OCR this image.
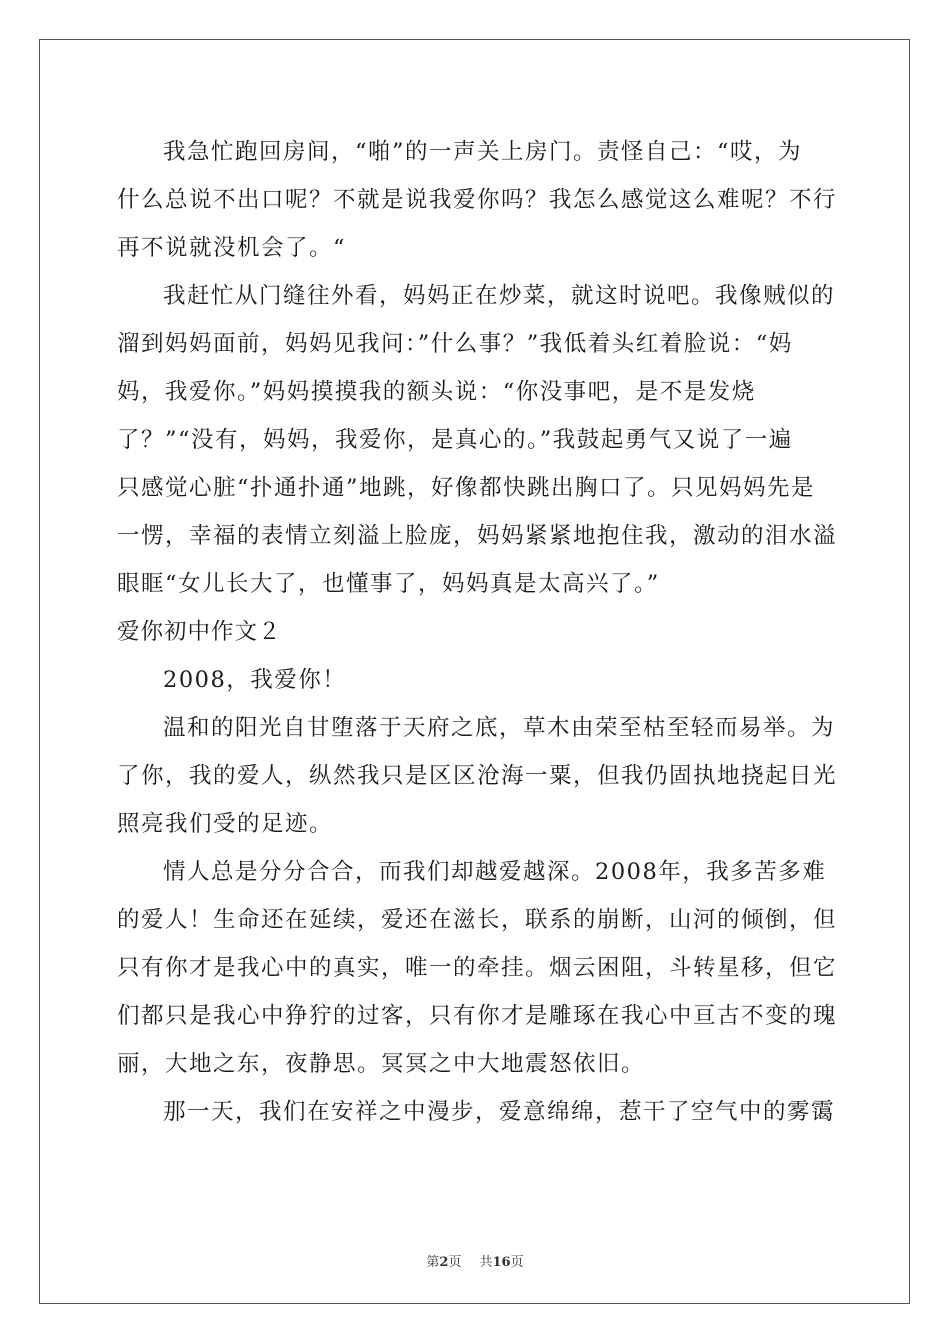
我急忙跑回房间，“啪”的一声关上房门。责怪自己：“哎，为
什么总说不出口呢？不就是说我爱你吗？我怎么感觉这么难呢？不行
再不说就没机会了。“
我赶忙从门缝往外看，妈妈正在炒菜，就这时说吧。我像贼似的
溜到妈妈面前，妈妈见我问：”什么事？”我低着头红着脸说：“妈
妈，我爱你。”妈妈摸摸我的额头说：“你没事吧，是不是发烧
了？”“没有，妈妈，我爱你，是真心的。”我鼓起勇气又说了一遍
只感觉心脏“扑通扑通”地跳，好像都快跳出胸口了。只见妈妈先是
一愣，幸福的表情立刻溢上脸庞，妈妈紧紧地抱住我，激动的泪水溢
眼眶“女儿长大了，也懂事了，妈妈真是太高兴了。”
爱你初中作文２
2008，我爱你！
温和的阳光自甘堕落于天府之底，草木由荣至枯至轻而易举。为
了你，我的爱人，纵然我只是区区沧海一粟，但我仍固执地挠起日光
照亮我们受的足迹。
情人总是分分合合，而我们却越爱越深。2008年，我多苦多难
的爱人！生命还在延续，爱还在滋长，联系的崩断，山河的倾倒，但
只有你才是我心中的真实，唯一的牵挂。烟云困阻，斗转星移，但它
们都只是我心中狰狞的过客，只有你才是雕琢在我心中亘古不变的瑰
丽，大地之东，夜静思。冥冥之中大地震怒依旧。
那一天，我们在安祥之中漫步，爱意绵绵，惹干了空气中的雾霭
第2页 共16页
